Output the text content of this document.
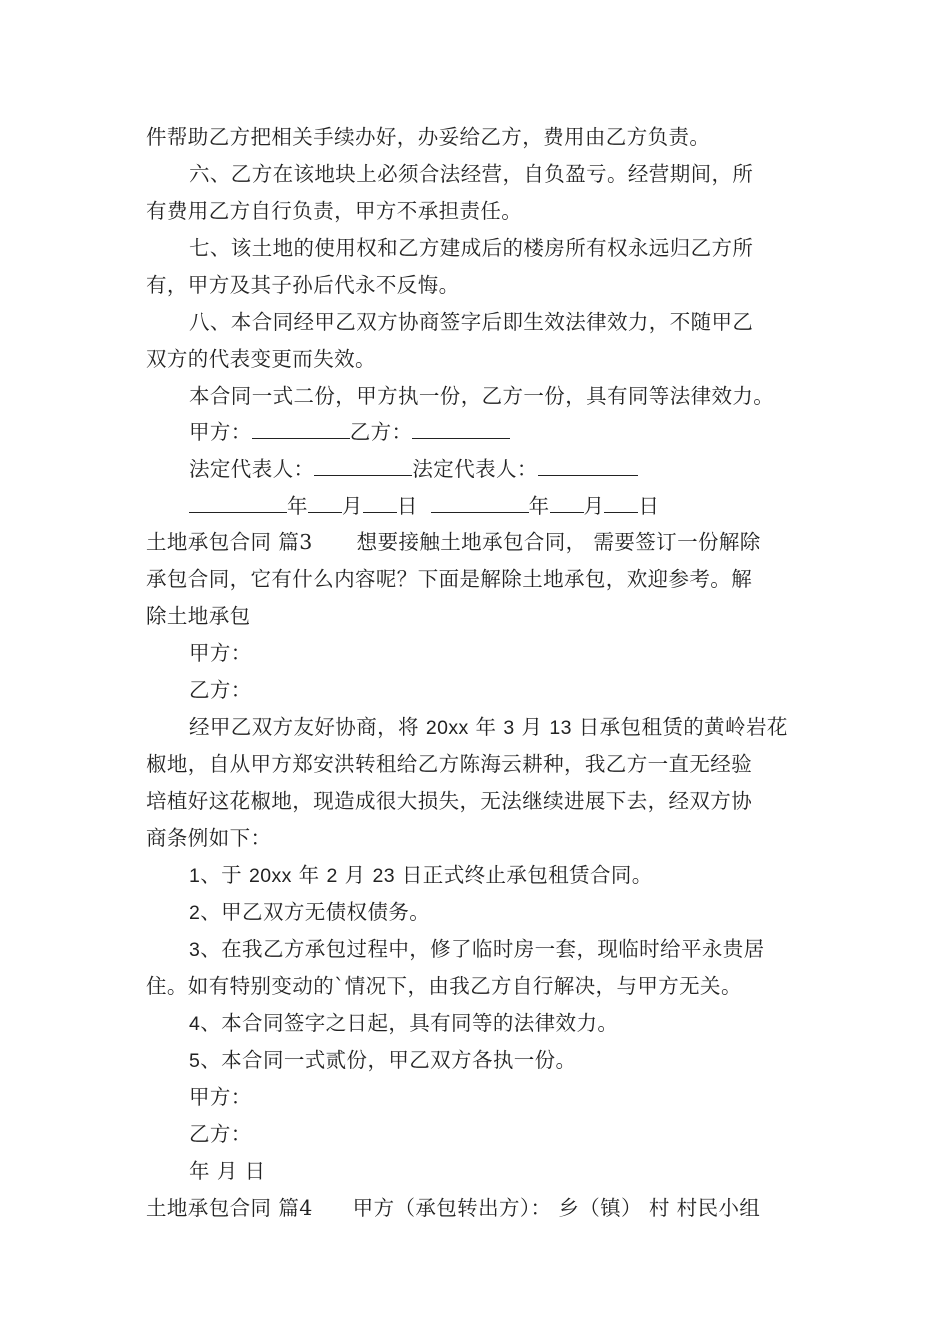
件帮助乙方把相关手续办好，办妥给乙方，费用由乙方负责。
六、乙方在该地块上必须合法经营，自负盈亏。经营期间，所
有费用乙方自行负责，甲方不承担责任。
七、该土地的使用权和乙方建成后的楼房所有权永远归乙方所
有，甲方及其子孙后代永不反悔。
八、本合同经甲乙双方协商签字后即生效法律效力，不随甲乙
双方的代表变更而失效。
本合同一式二份，甲方执一份，乙方一份，具有同等法律效力。
甲方：	乙方：
法定代表人：	法定代表人：
年 月 日	年 月 日
土地承包合同 篇3 想要接触土地承包合同， 需要签订一份解除
承包合同，它有什么内容呢？下面是解除土地承包，欢迎参考。解
除土地承包
甲方：
乙方：
经甲乙双方友好协商，将 20xx 年 3 月 13 日承包租赁的黄岭岩花
椒地，自从甲方郑安洪转租给乙方陈海云耕种，我乙方一直无经验
培植好这花椒地，现造成很大损失，无法继续进展下去，经双方协
商条例如下：
1、于 20xx 年 2 月 23 日正式终止承包租赁合同。
2、甲乙双方无债权债务。
3、在我乙方承包过程中，修了临时房一套，现临时给平永贵居
住。如有特别变动的`情况下，由我乙方自行解决，与甲方无关。
4、本合同签字之日起，具有同等的法律效力。
5、本合同一式贰份，甲乙双方各执一份。
甲方：
乙方：
年 月 日
土地承包合同 篇4 甲方（承包转出方）： 乡（镇） 村 村民小组
